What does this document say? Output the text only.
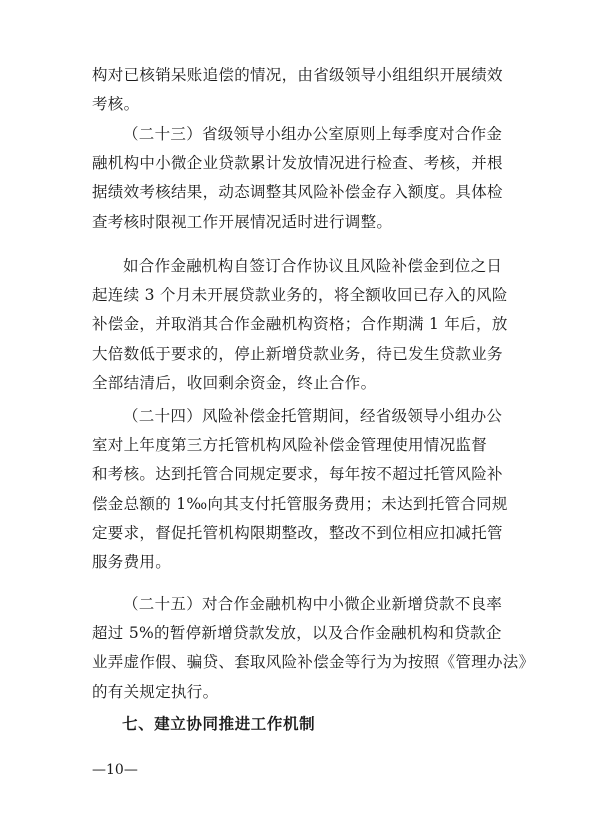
构对已核销呆账追偿的情况，由省级领导小组组织开展绩效
考核。
（二十三）省级领导小组办公室原则上每季度对合作金
融机构中小微企业贷款累计发放情况进行检查、考核，并根
据绩效考核结果，动态调整其风险补偿金存入额度。具体检
查考核时限视工作开展情况适时进行调整。
如合作金融机构自签订合作协议且风险补偿金到位之日
起连续 3 个月未开展贷款业务的，将全额收回已存入的风险
补偿金，并取消其合作金融机构资格；合作期满 1 年后，放
大倍数低于要求的，停止新增贷款业务，待已发生贷款业务
全部结清后，收回剩余资金，终止合作。
（二十四）风险补偿金托管期间，经省级领导小组办公
室对上年度第三方托管机构风险补偿金管理使用情况监督
和考核。达到托管合同规定要求，每年按不超过托管风险补
偿金总额的 1‰向其支付托管服务费用；未达到托管合同规
定要求，督促托管机构限期整改，整改不到位相应扣减托管
服务费用。
（二十五）对合作金融机构中小微企业新增贷款不良率
超过 5%的暂停新增贷款发放，以及合作金融机构和贷款企
业弄虚作假、骗贷、套取风险补偿金等行为为按照《管理办法》
的有关规定执行。
七、建立协同推进工作机制
—10—
